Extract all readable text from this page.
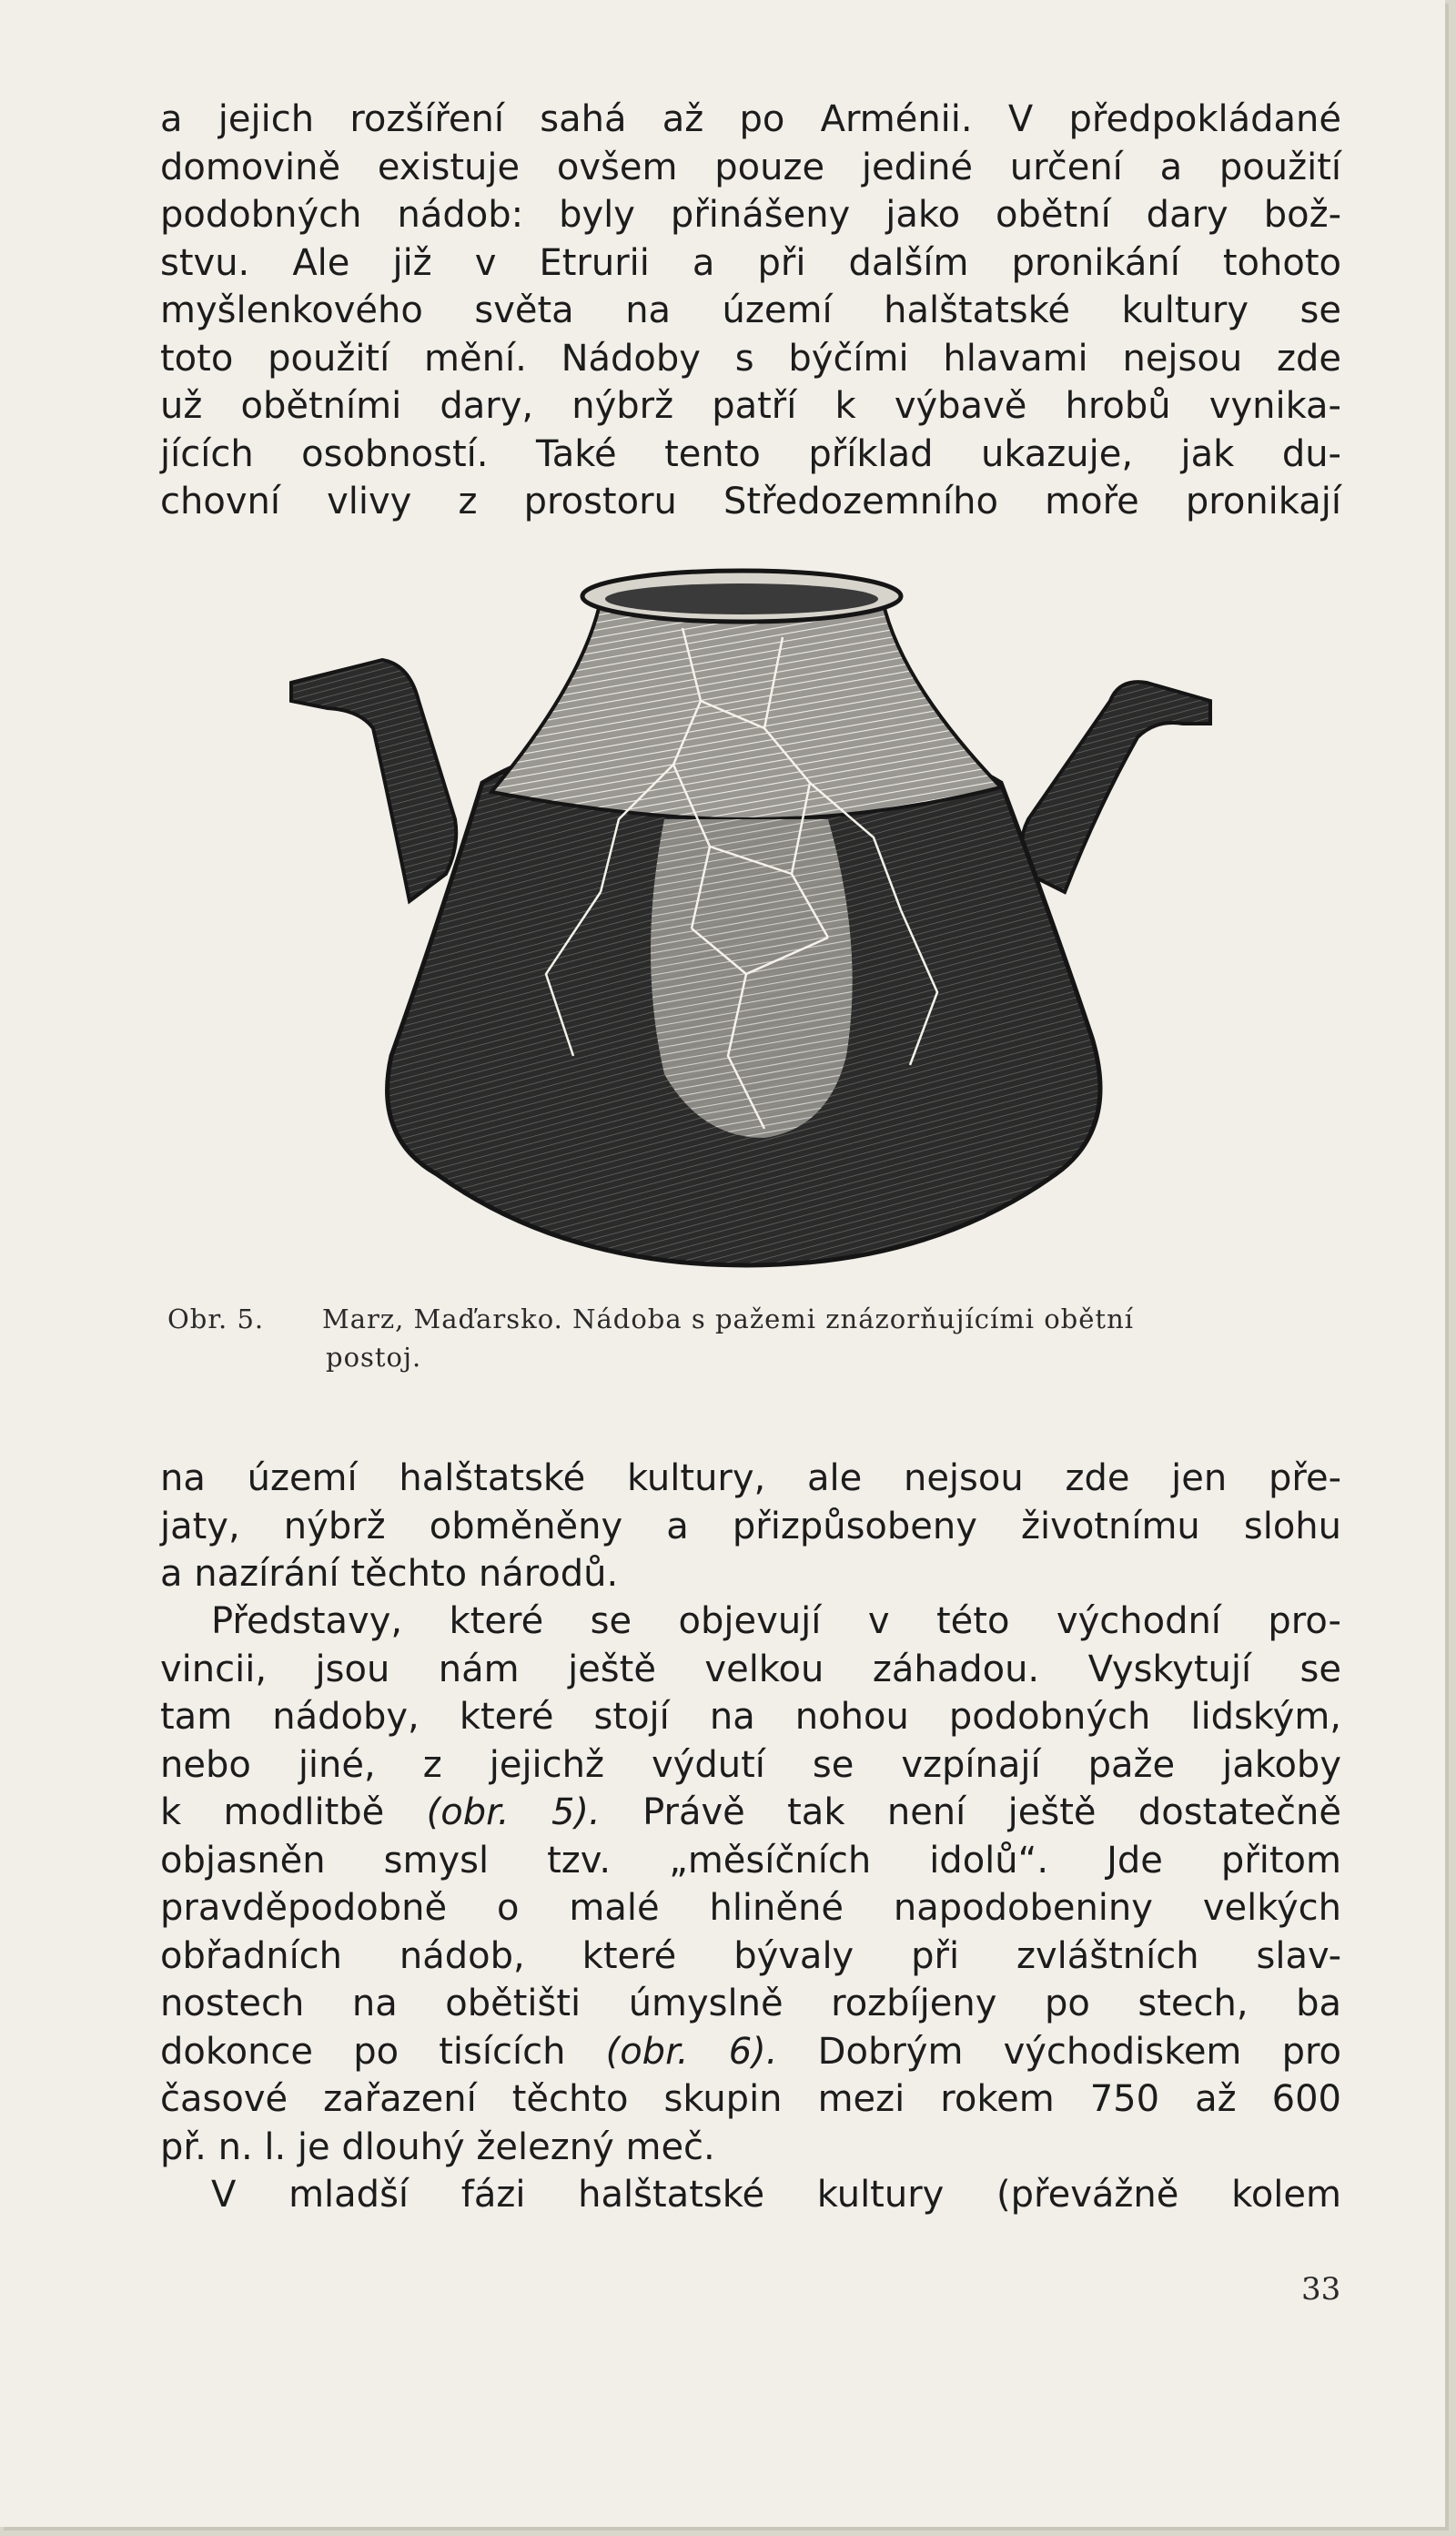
a jejich rozšíření sahá až po Arménii. V předpokládané
domovině existuje ovšem pouze jediné určení a použití
podobných nádob: byly přinášeny jako obětní dary bož-
stvu. Ale již v Etrurii a při dalším pronikání tohoto
myšlenkového světa na území halštatské kultury se
toto použití mění. Nádoby s býčími hlavami nejsou zde
už obětními dary, nýbrž patří k výbavě hrobů vynika-
jících osobností. Také tento příklad ukazuje, jak du-
chovní vlivy z prostoru Středozemního moře pronikají
Obr. 5. Marz, Maďarsko. Nádoba s pažemi znázorňujícími obětní
postoj.
na území halštatské kultury, ale nejsou zde jen pře-
jaty, nýbrž obměněny a přizpůsobeny životnímu slohu
a nazírání těchto národů.
Představy, které se objevují v této východní pro-
vincii, jsou nám ještě velkou záhadou. Vyskytují se
tam nádoby, které stojí na nohou podobných lidským,
nebo jiné, z jejichž výdutí se vzpínají paže jakoby
k modlitbě (obr. 5). Právě tak není ještě dostatečně
objasněn smysl tzv. „měsíčních idolů“. Jde přitom
pravděpodobně o malé hliněné napodobeniny velkých
obřadních nádob, které bývaly při zvláštních slav-
nostech na obětišti úmyslně rozbíjeny po stech, ba
dokonce po tisících (obr. 6). Dobrým východiskem pro
časové zařazení těchto skupin mezi rokem 750 až 600
př. n. l. je dlouhý železný meč.
V mladší fázi halštatské kultury (převážně kolem
33
